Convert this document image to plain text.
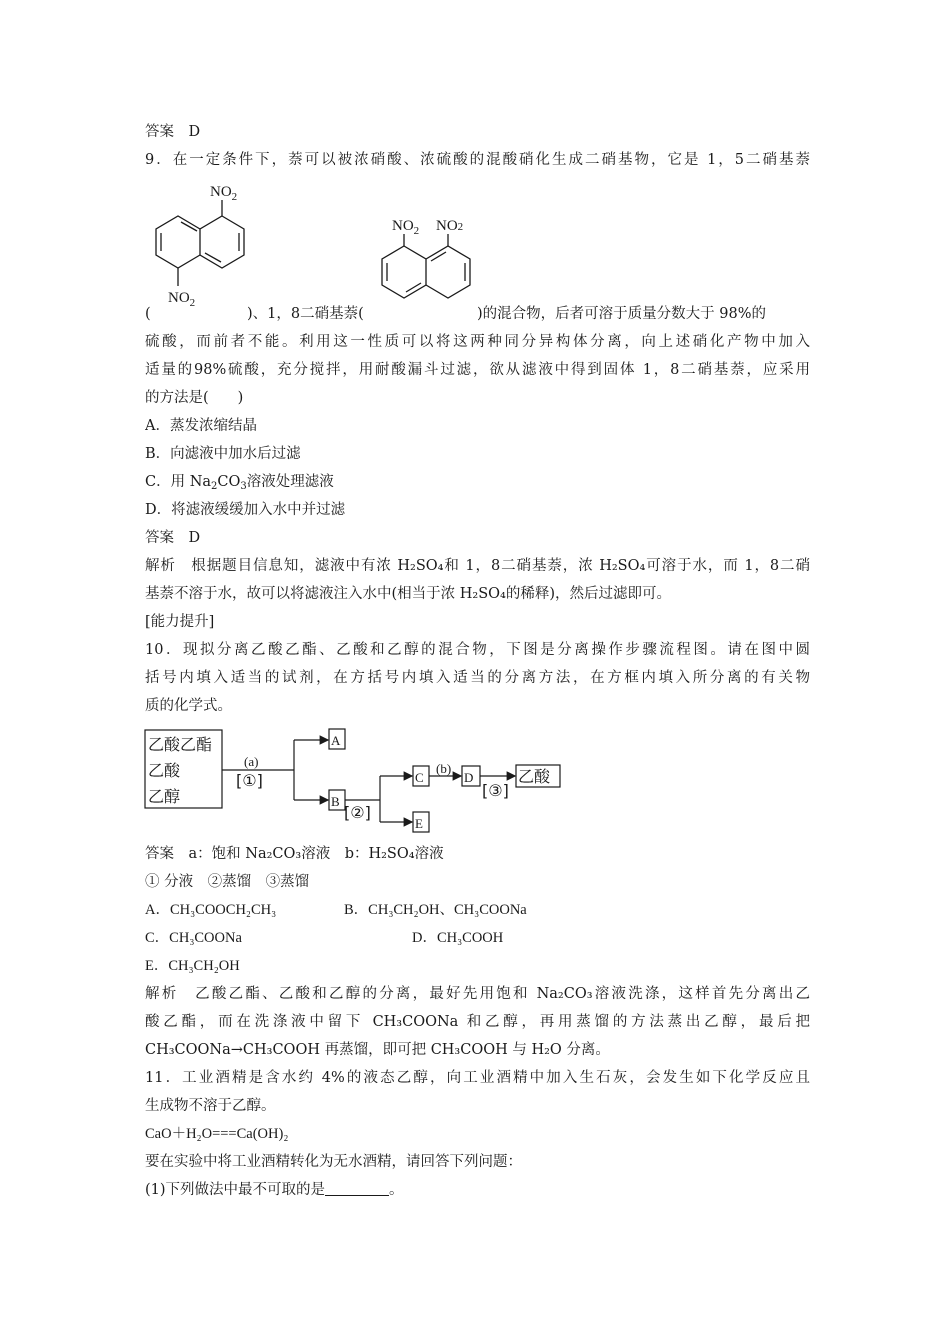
答案　D
9．在一定条件下，萘可以被浓硝酸、浓硫酸的混酸硝化生成二硝基物，它是 1，5二硝基萘
$NO_2$
$NO_2$
$NO_2$ NO2
(	)、1，8二硝基萘(	)的混合物，后者可溶于质量分数大于 98%的
硫酸，而前者不能。利用这一性质可以将这两种同分异构体分离，向上述硝化产物中加入
适量的98%硫酸，充分搅拌，用耐酸漏斗过滤，欲从滤液中得到固体 1，8二硝基萘，应采用
的方法是(　　)
A．蒸发浓缩结晶
B．向滤液中加水后过滤
C．用 $Na_2CO_3$溶液处理滤液
D．将滤液缓缓加入水中并过滤
答案　D
解析　根据题目信息知，滤液中有浓 H₂SO₄和 1，8二硝基萘，浓 H₂SO₄可溶于水，而 1，8二硝
基萘不溶于水，故可以将滤液注入水中(相当于浓 H₂SO₄的稀释)，然后过滤即可。
[能力提升]
10．现拟分离乙酸乙酯、乙酸和乙醇的混合物，下图是分离操作步骤流程图。请在图中圆
括号内填入适当的试剂，在方括号内填入适当的分离方法，在方框内填入所分离的有关物
质的化学式。
乙酸乙酯
乙酸
乙醇
(a)
[①]
A
B
[②]
C
(b)
D
[③]
乙酸
E
答案　a：饱和 Na₂CO₃溶液　b：H₂SO₄溶液
① 分液　②蒸馏　③蒸馏
A．CH₃COOCH₂CH₃	B．CH₃CH₂OH、CH₃COONa
C．CH₃COONa	D．CH₃COOH
E．CH₃CH₂OH
解析　乙酸乙酯、乙酸和乙醇的分离，最好先用饱和 Na₂CO₃溶液洗涤，这样首先分离出乙
酸乙酯，而在洗涤液中留下 CH₃COONa 和乙醇，再用蒸馏的方法蒸出乙醇，最后把
CH₃COONa→CH₃COOH 再蒸馏，即可把 CH₃COOH 与 H₂O 分离。
11．工业酒精是含水约 4%的液态乙醇，向工业酒精中加入生石灰，会发生如下化学反应且
生成物不溶于乙醇。
CaO＋H₂O===Ca(OH)₂
要在实验中将工业酒精转化为无水酒精，请回答下列问题：
(1)下列做法中最不可取的是	。
